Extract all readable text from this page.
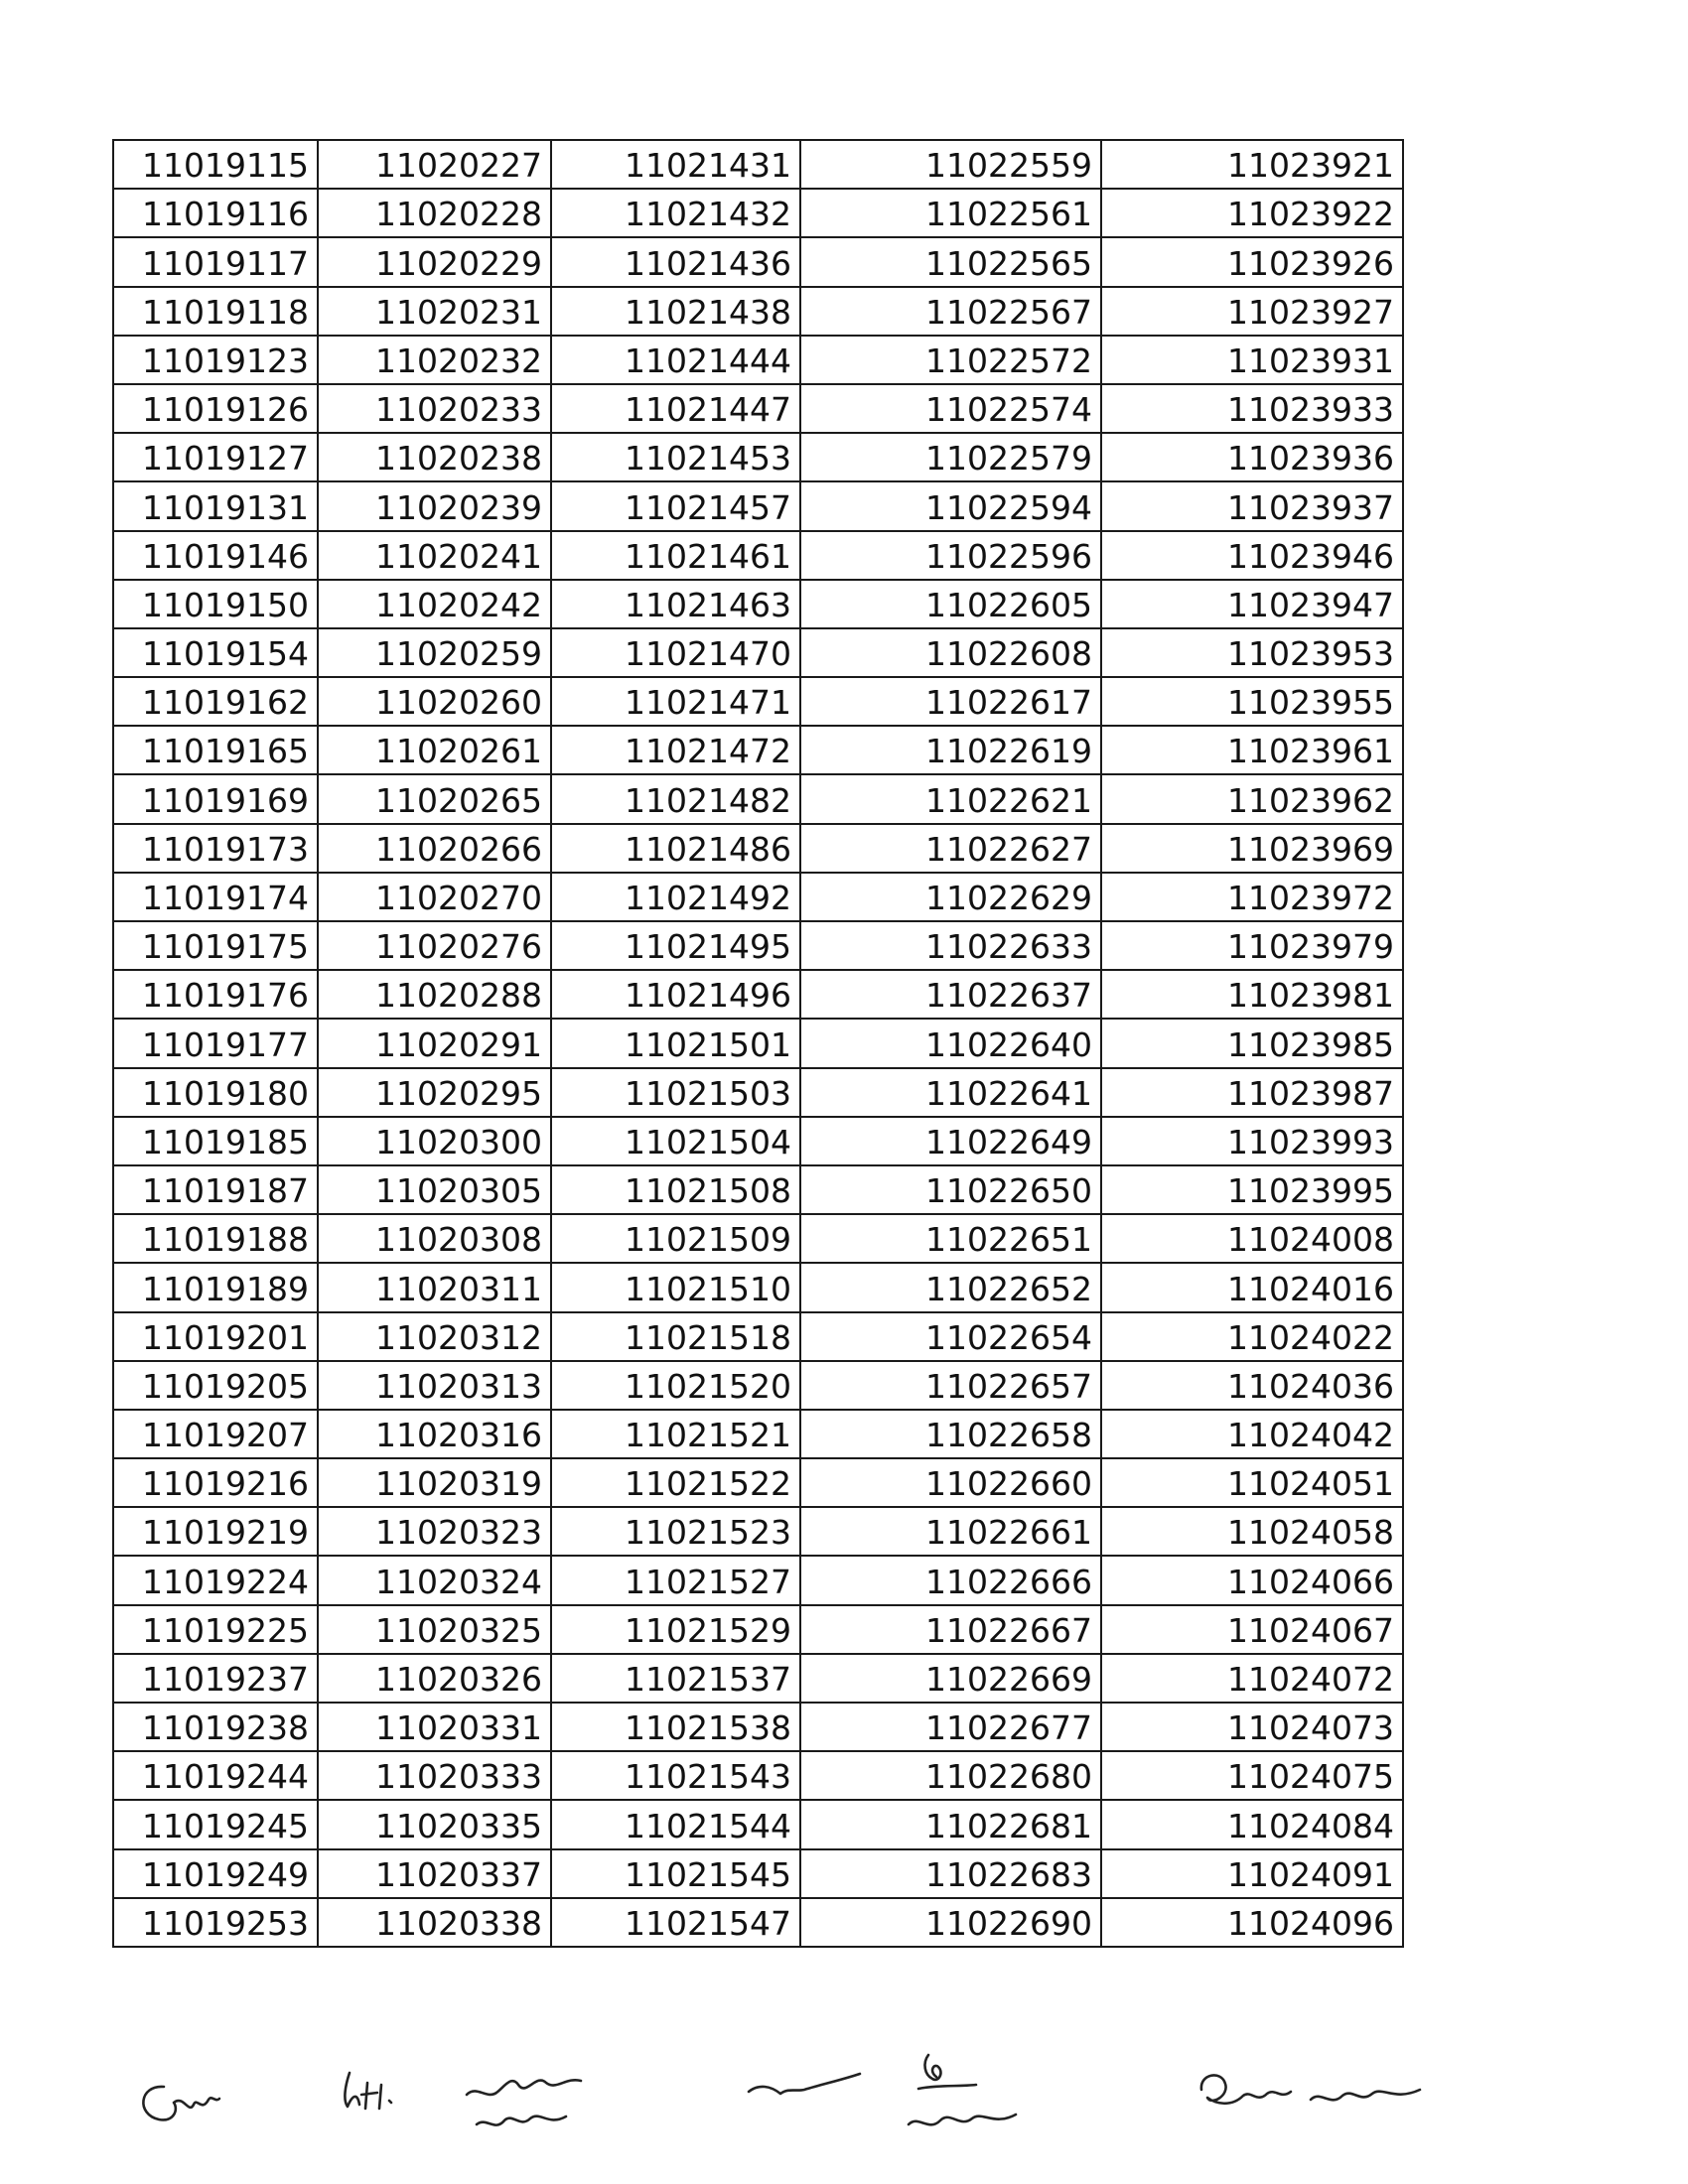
11019115	11020227	11021431	11022559	11023921
11019116	11020228	11021432	11022561	11023922
11019117	11020229	11021436	11022565	11023926
11019118	11020231	11021438	11022567	11023927
11019123	11020232	11021444	11022572	11023931
11019126	11020233	11021447	11022574	11023933
11019127	11020238	11021453	11022579	11023936
11019131	11020239	11021457	11022594	11023937
11019146	11020241	11021461	11022596	11023946
11019150	11020242	11021463	11022605	11023947
11019154	11020259	11021470	11022608	11023953
11019162	11020260	11021471	11022617	11023955
11019165	11020261	11021472	11022619	11023961
11019169	11020265	11021482	11022621	11023962
11019173	11020266	11021486	11022627	11023969
11019174	11020270	11021492	11022629	11023972
11019175	11020276	11021495	11022633	11023979
11019176	11020288	11021496	11022637	11023981
11019177	11020291	11021501	11022640	11023985
11019180	11020295	11021503	11022641	11023987
11019185	11020300	11021504	11022649	11023993
11019187	11020305	11021508	11022650	11023995
11019188	11020308	11021509	11022651	11024008
11019189	11020311	11021510	11022652	11024016
11019201	11020312	11021518	11022654	11024022
11019205	11020313	11021520	11022657	11024036
11019207	11020316	11021521	11022658	11024042
11019216	11020319	11021522	11022660	11024051
11019219	11020323	11021523	11022661	11024058
11019224	11020324	11021527	11022666	11024066
11019225	11020325	11021529	11022667	11024067
11019237	11020326	11021537	11022669	11024072
11019238	11020331	11021538	11022677	11024073
11019244	11020333	11021543	11022680	11024075
11019245	11020335	11021544	11022681	11024084
11019249	11020337	11021545	11022683	11024091
11019253	11020338	11021547	11022690	11024096
